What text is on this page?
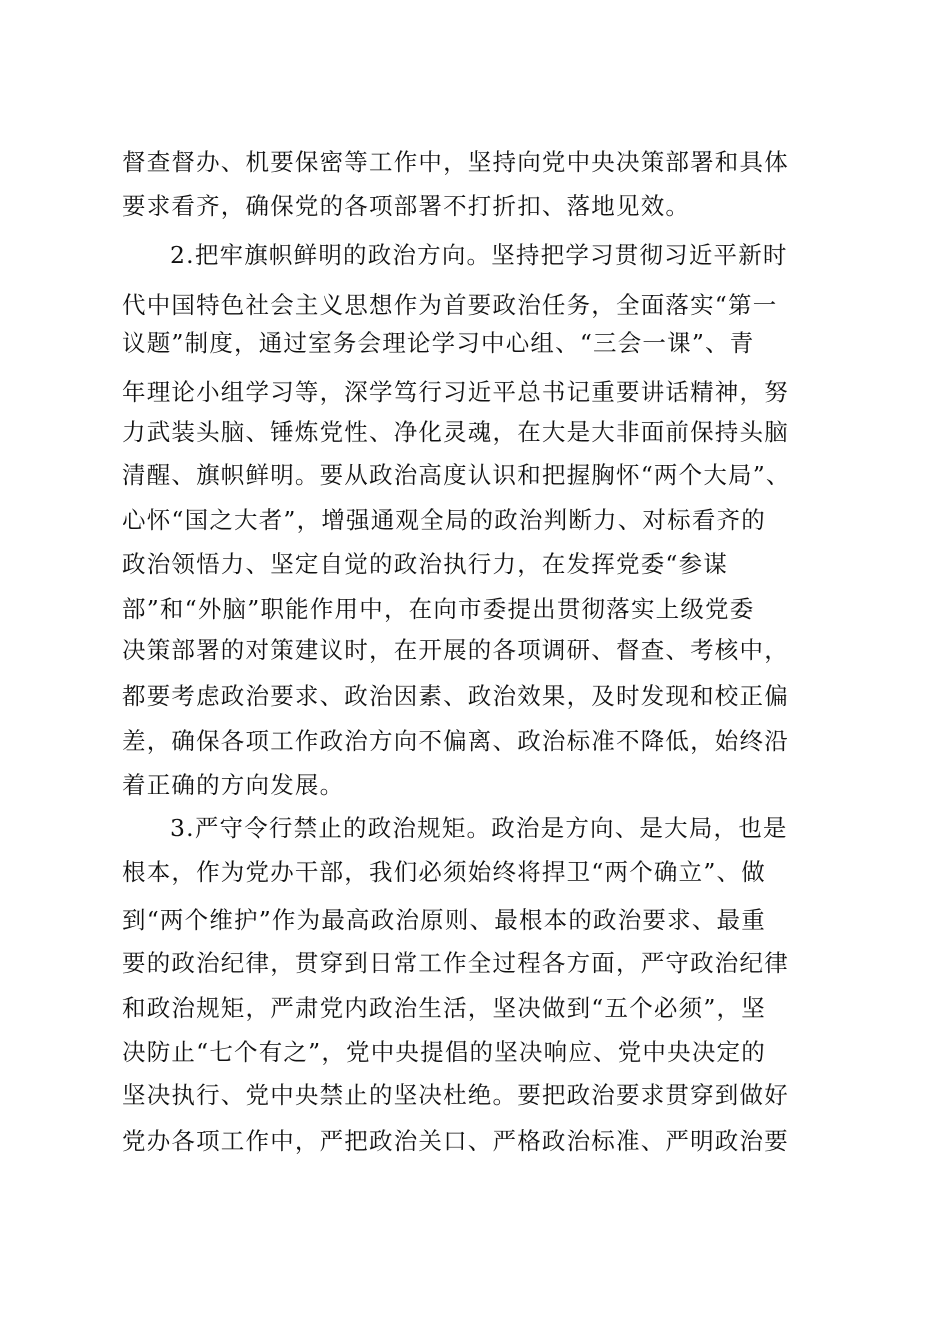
督查督办、机要保密等工作中，坚持向党中央决策部署和具体
要求看齐，确保党的各项部署不打折扣、落地见效。
2.把牢旗帜鲜明的政治方向。坚持把学习贯彻习近平新时
代中国特色社会主义思想作为首要政治任务，全面落实“第一
议题”制度，通过室务会理论学习中心组、“三会一课”、青
年理论小组学习等，深学笃行习近平总书记重要讲话精神，努
力武装头脑、锤炼党性、净化灵魂，在大是大非面前保持头脑
清醒、旗帜鲜明。要从政治高度认识和把握胸怀“两个大局”、
心怀“国之大者”，增强通观全局的政治判断力、对标看齐的
政治领悟力、坚定自觉的政治执行力，在发挥党委“参谋
部”和“外脑”职能作用中，在向市委提出贯彻落实上级党委
决策部署的对策建议时，在开展的各项调研、督查、考核中，
都要考虑政治要求、政治因素、政治效果，及时发现和校正偏
差，确保各项工作政治方向不偏离、政治标准不降低，始终沿
着正确的方向发展。
3.严守令行禁止的政治规矩。政治是方向、是大局，也是
根本，作为党办干部，我们必须始终将捍卫“两个确立”、做
到“两个维护”作为最高政治原则、最根本的政治要求、最重
要的政治纪律，贯穿到日常工作全过程各方面，严守政治纪律
和政治规矩，严肃党内政治生活，坚决做到“五个必须”，坚
决防止“七个有之”，党中央提倡的坚决响应、党中央决定的
坚决执行、党中央禁止的坚决杜绝。要把政治要求贯穿到做好
党办各项工作中，严把政治关口、严格政治标准、严明政治要
